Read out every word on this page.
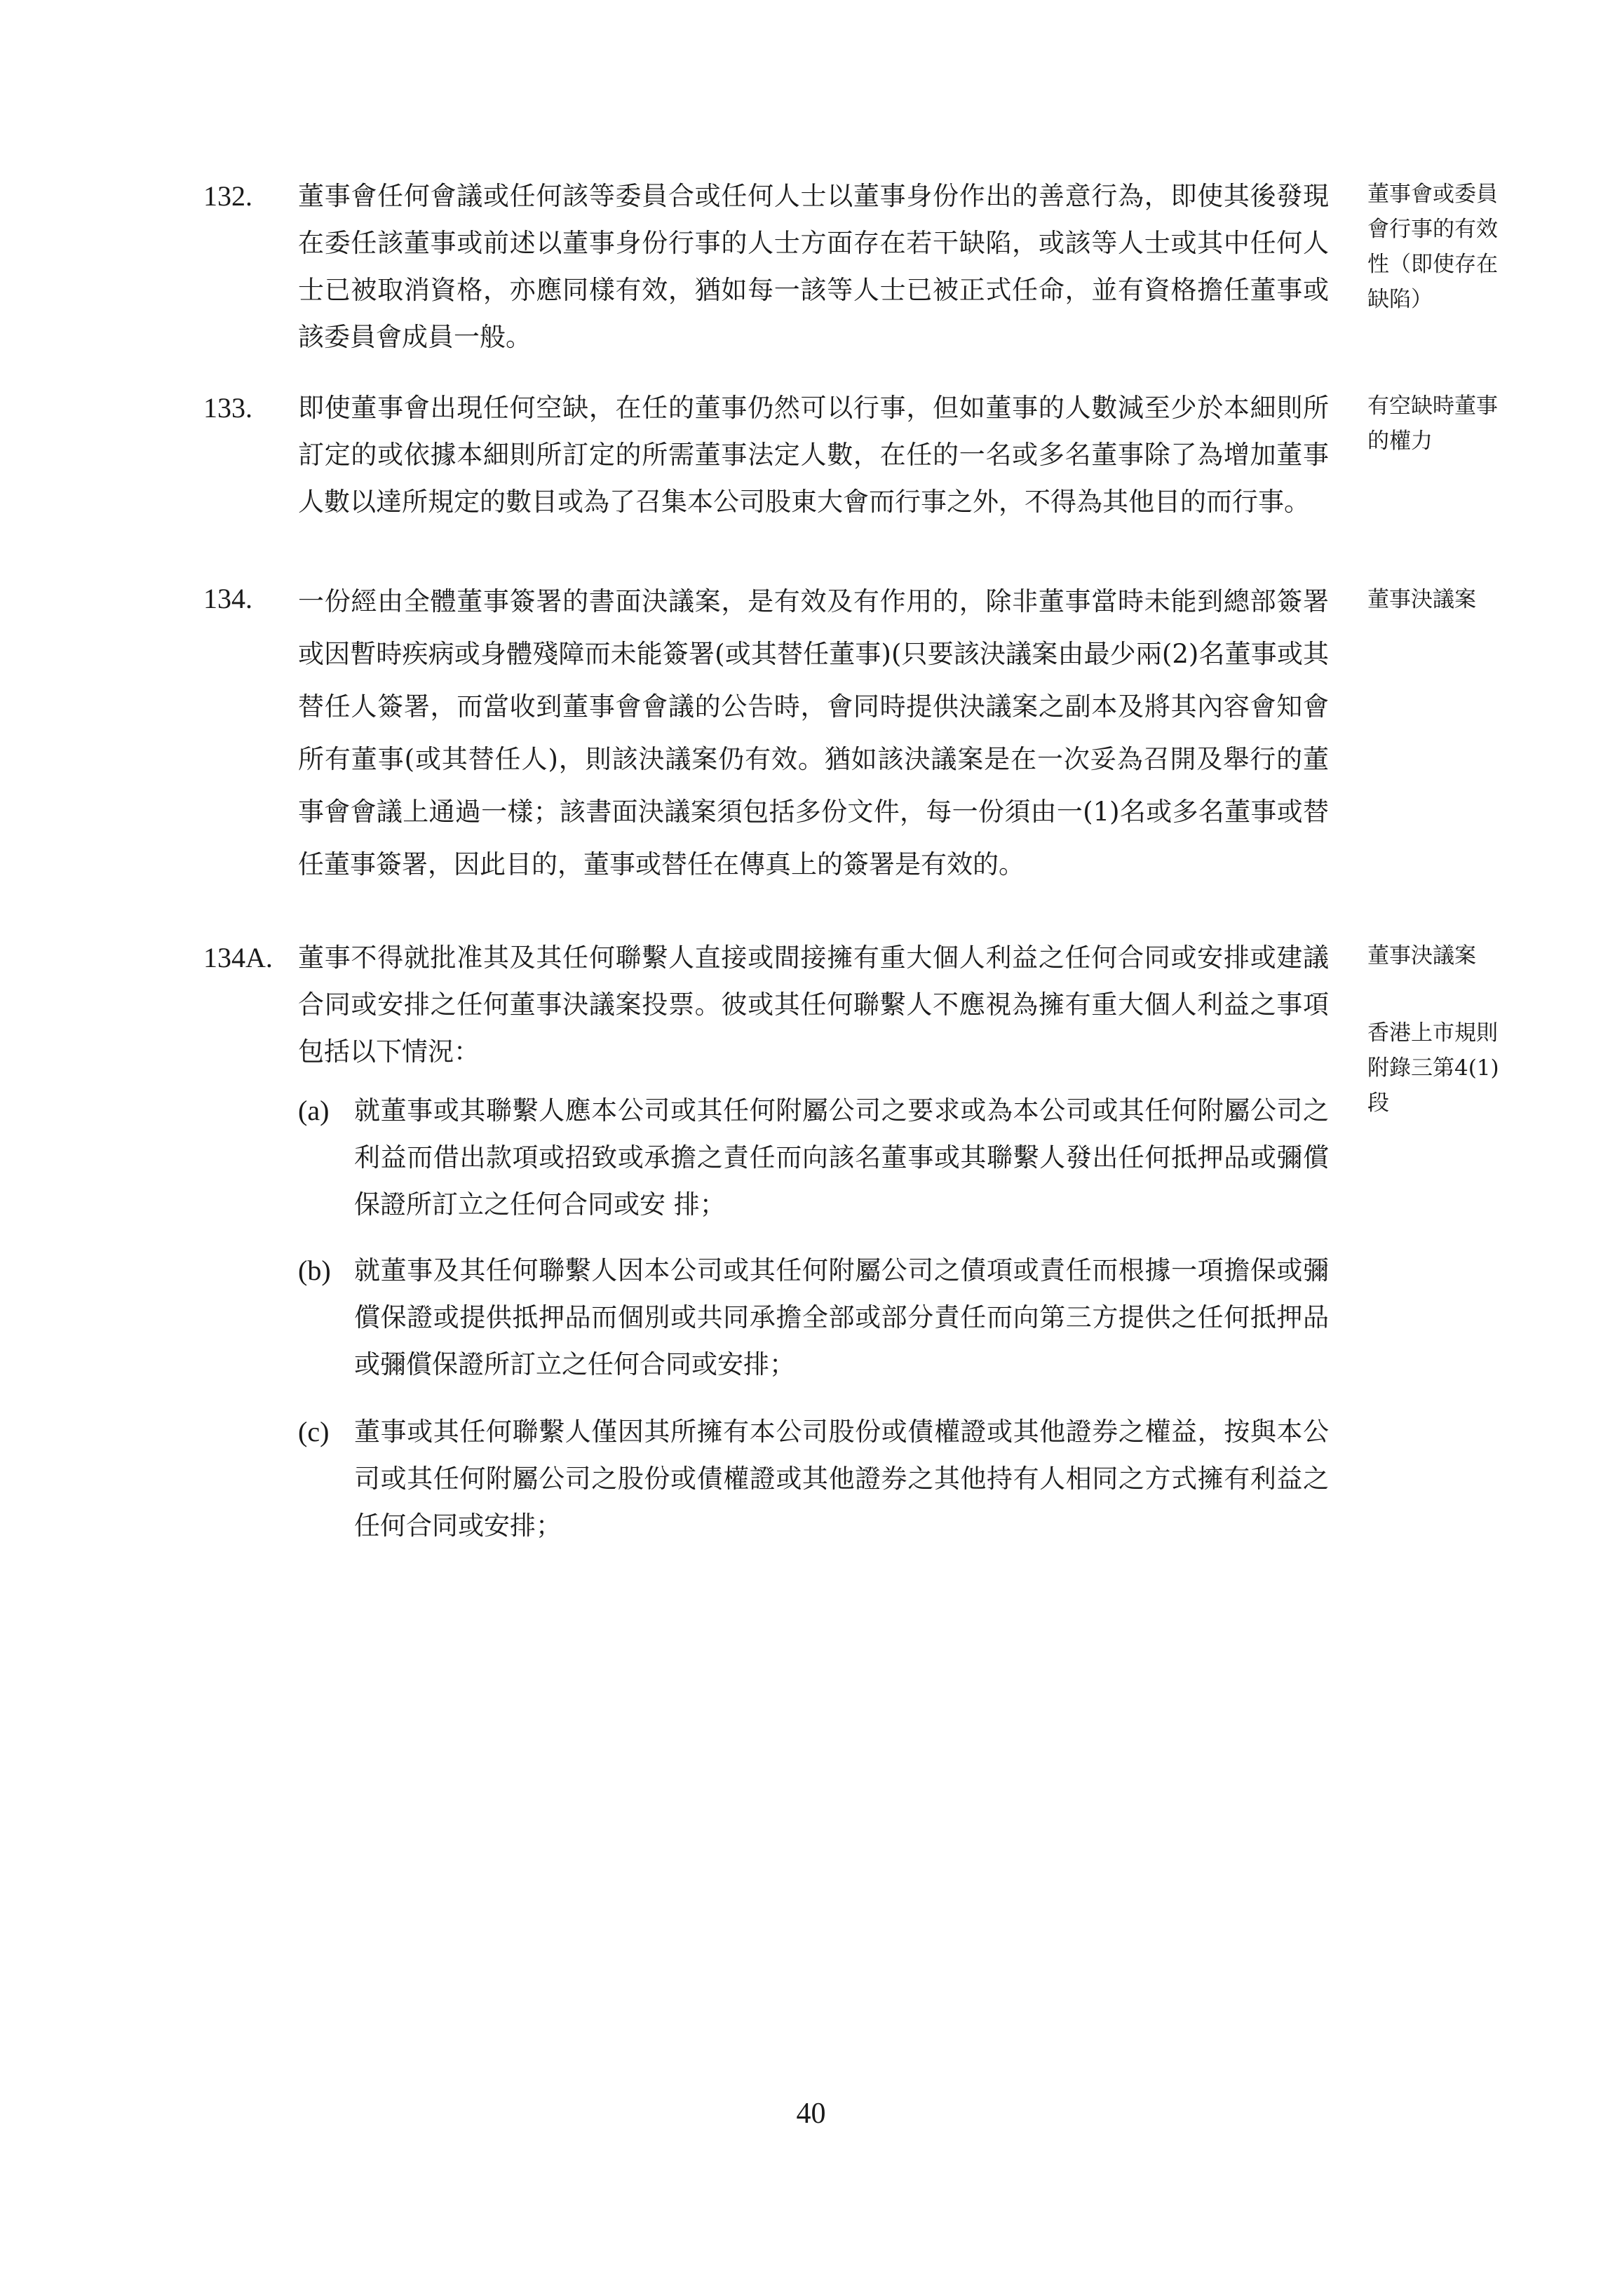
132. 董事會任何會議或任何該等委員合或任何人士以董事身份作出的善意行為，即使其後發現在委任該董事或前述以董事身份行事的人士方面存在若干缺陷，或該等人士或其中任何人士已被取消資格，亦應同樣有效，猶如每一該等人士已被正式任命，並有資格擔任董事或該委員會成員一般。

董事會或委員 會行事的有效 性（即使存在 缺陷）

133. 即使董事會出現任何空缺，在任的董事仍然可以行事，但如董事的人數減至少於本細則所訂定的或依據本細則所訂定的所需董事法定人數，在任的一名或多名董事除了為增加董事人數以達所規定的數目或為了召集本公司股東大會而行事之外，不得為其他目的而行事。

有空缺時董事 的權力

134. 一份經由全體董事簽署的書面決議案，是有效及有作用的，除非董事當時未能到總部簽署或因暫時疾病或身體殘障而未能簽署(或其替任董事)(只要該決議案由最少兩(2)名董事或其替任人簽署，而當收到董事會會議的公告時，會同時提供決議案之副本及將其內容會知會所有董事(或其替任人)，則該決議案仍有效。猶如該決議案是在一次妥為召開及舉行的董事會會議上通過一樣；該書面決議案須包括多份文件，每一份須由一(1)名或多名董事或替任董事簽署，因此目的，董事或替任在傳真上的簽署是有效的。

董事決議案

134A. 董事不得就批准其及其任何聯繫人直接或間接擁有重大個人利益之任何合同或安排或建議合同或安排之任何董事決議案投票。彼或其任何聯繫人不應視為擁有重大個人利益之事項包括以下情況：

董事決議案

香港上市規則 附錄三第4(1) 段

(a) 就董事或其聯繫人應本公司或其任何附屬公司之要求或為本公司或其任何附屬公司之利益而借出款項或招致或承擔之責任而向該名董事或其聯繫人發出任何抵押品或彌償保證所訂立之任何合同或安 排；
(b) 就董事及其任何聯繫人因本公司或其任何附屬公司之債項或責任而根據一項擔保或彌償保證或提供抵押品而個別或共同承擔全部或部分責任而向第三方提供之任何抵押品或彌償保證所訂立之任何合同或安排；
(c) 董事或其任何聯繫人僅因其所擁有本公司股份或債權證或其他證券之權益，按與本公司或其任何附屬公司之股份或債權證或其他證券之其他持有人相同之方式擁有利益之任何合同或安排；
40
